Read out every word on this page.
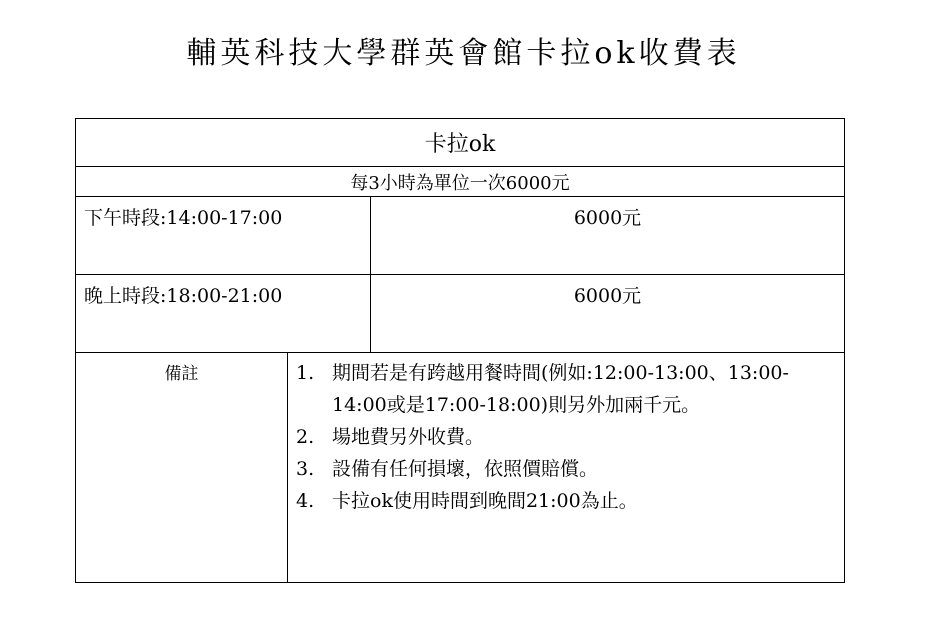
輔英科技大學群英會館卡拉ok收費表
卡拉ok
每3小時為單位一次6000元
下午時段:14:00-17:00	6000元
晚上時段:18:00-21:00	6000元
備註	1. 期間若是有跨越用餐時間(例如:12:00-13:00、13:00-14:00或是17:00-18:00)則另外加兩千元。
2. 場地費另外收費。
3. 設備有任何損壞，依照價賠償。
4. 卡拉ok使用時間到晚間21:00為止。
